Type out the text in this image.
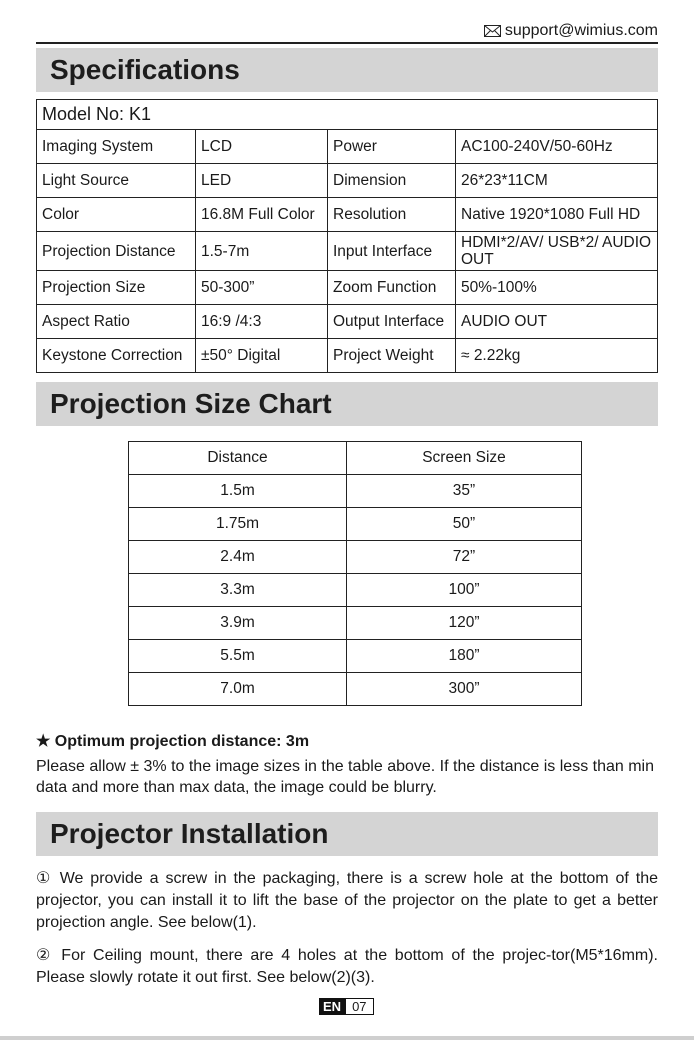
support@wimius.com
Specifications
Model No: K1			
Imaging System	LCD	Power	AC100-240V/50-60Hz
Light Source	LED	Dimension	26*23*11CM
Color	16.8M Full Color	Resolution	Native 1920*1080 Full HD
Projection Distance	1.5-7m	Input Interface	HDMI*2/AV/ USB*2/ AUDIO OUT
Projection Size	50-300”	Zoom Function	50%-100%
Aspect Ratio	16:9 /4:3	Output Interface	AUDIO OUT
Keystone Correction	±50° Digital	Project Weight	≈ 2.22kg
Projection Size Chart
Distance	Screen Size
1.5m	35”
1.75m	50”
2.4m	72”
3.3m	100”
3.9m	120”
5.5m	180”
7.0m	300”
★ Optimum projection distance: 3m
Please allow ± 3% to the image sizes in the table above. If the distance is less than min data and more than max data, the image could be blurry.
Projector Installation
① We provide a screw in the packaging, there is a screw hole at the bottom of the projector, you can install it to lift the base of the projector on the plate to get a better projection angle. See below(1).
② For Ceiling mount, there are 4 holes at the bottom of the projec-tor(M5*16mm). Please slowly rotate it out first. See below(2)(3).
EN 07
